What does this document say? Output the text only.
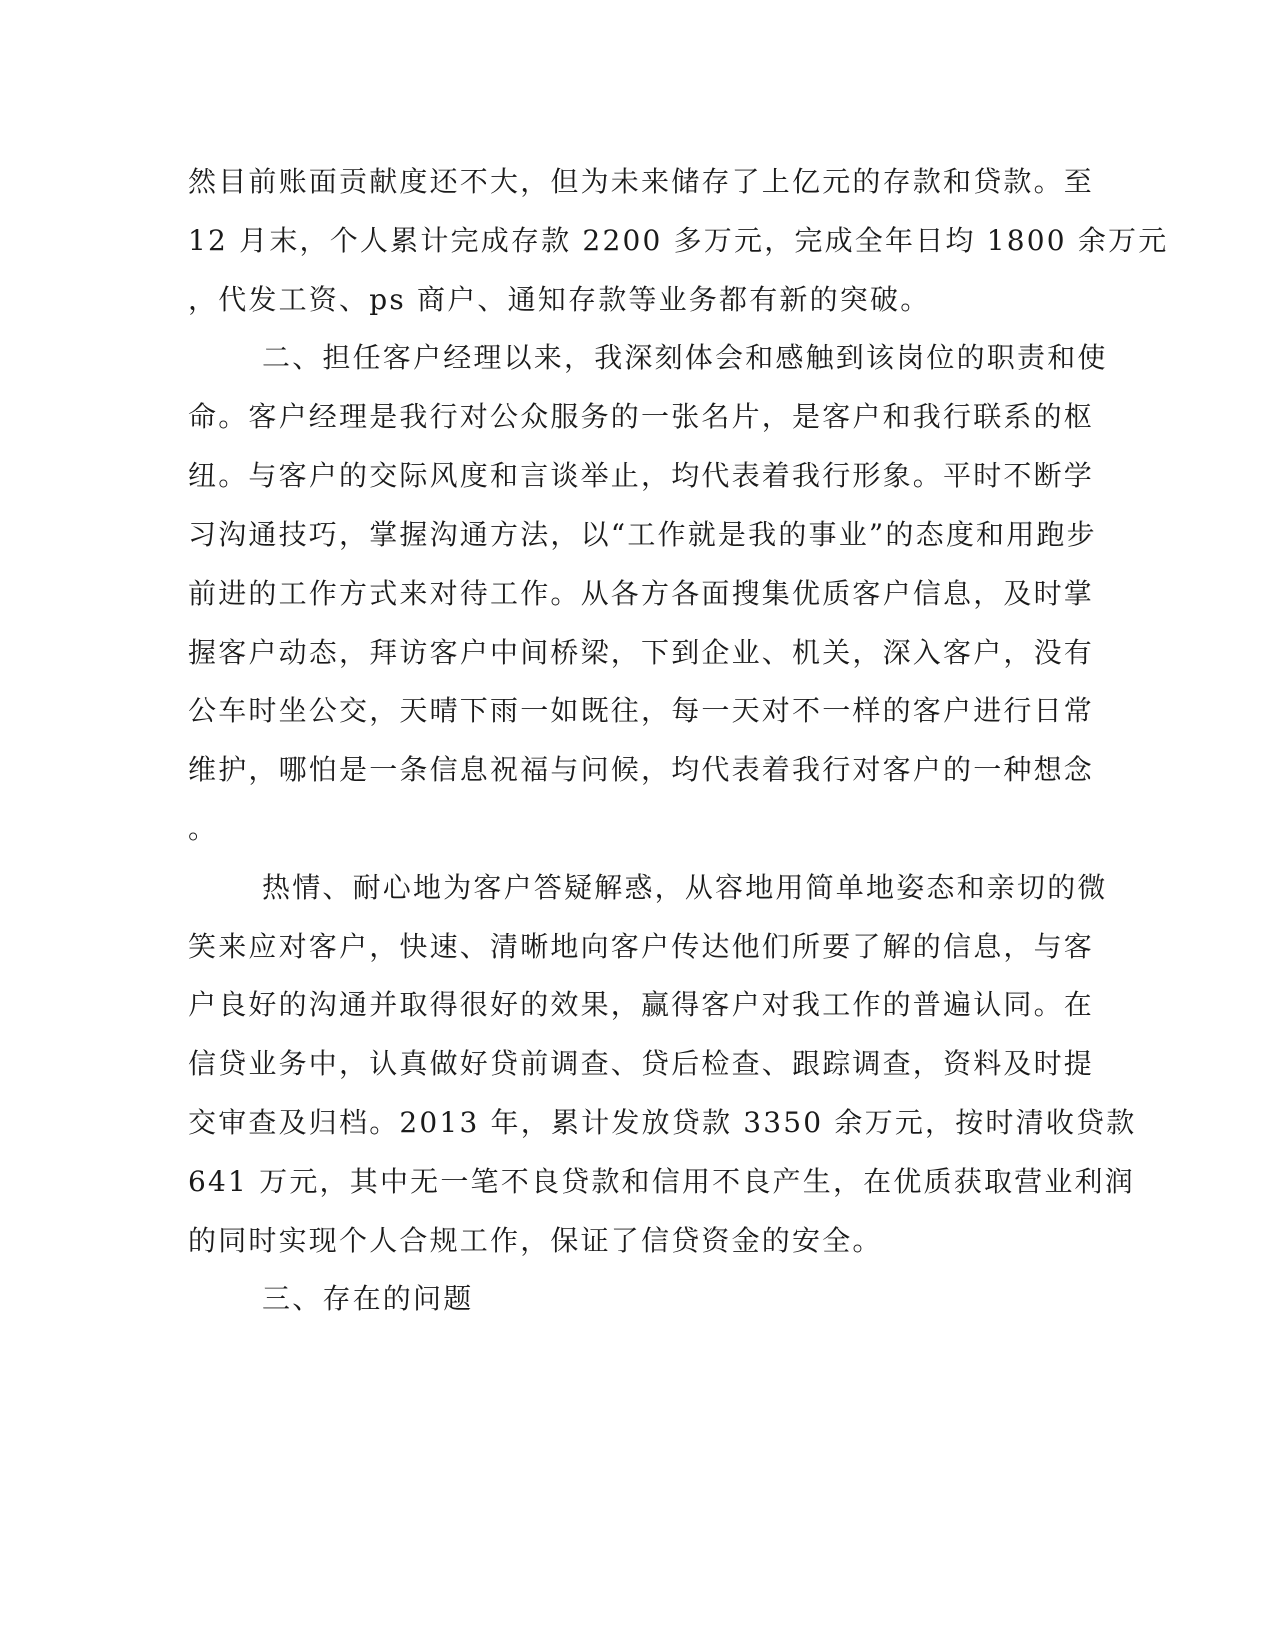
然目前账面贡献度还不大，但为未来储存了上亿元的存款和贷款。至
12 月末，个人累计完成存款 2200 多万元，完成全年日均 1800 余万元
，代发工资、ps 商户、通知存款等业务都有新的突破。
二、担任客户经理以来，我深刻体会和感触到该岗位的职责和使
命。客户经理是我行对公众服务的一张名片，是客户和我行联系的枢
纽。与客户的交际风度和言谈举止，均代表着我行形象。平时不断学
习沟通技巧，掌握沟通方法，以“工作就是我的事业”的态度和用跑步
前进的工作方式来对待工作。从各方各面搜集优质客户信息，及时掌
握客户动态，拜访客户中间桥梁，下到企业、机关，深入客户，没有
公车时坐公交，天晴下雨一如既往，每一天对不一样的客户进行日常
维护，哪怕是一条信息祝福与问候，均代表着我行对客户的一种想念
。
热情、耐心地为客户答疑解惑，从容地用简单地姿态和亲切的微
笑来应对客户，快速、清晰地向客户传达他们所要了解的信息，与客
户良好的沟通并取得很好的效果，赢得客户对我工作的普遍认同。在
信贷业务中，认真做好贷前调查、贷后检查、跟踪调查，资料及时提
交审查及归档。2013 年，累计发放贷款 3350 余万元，按时清收贷款
641 万元，其中无一笔不良贷款和信用不良产生，在优质获取营业利润
的同时实现个人合规工作，保证了信贷资金的安全。
三、存在的问题
